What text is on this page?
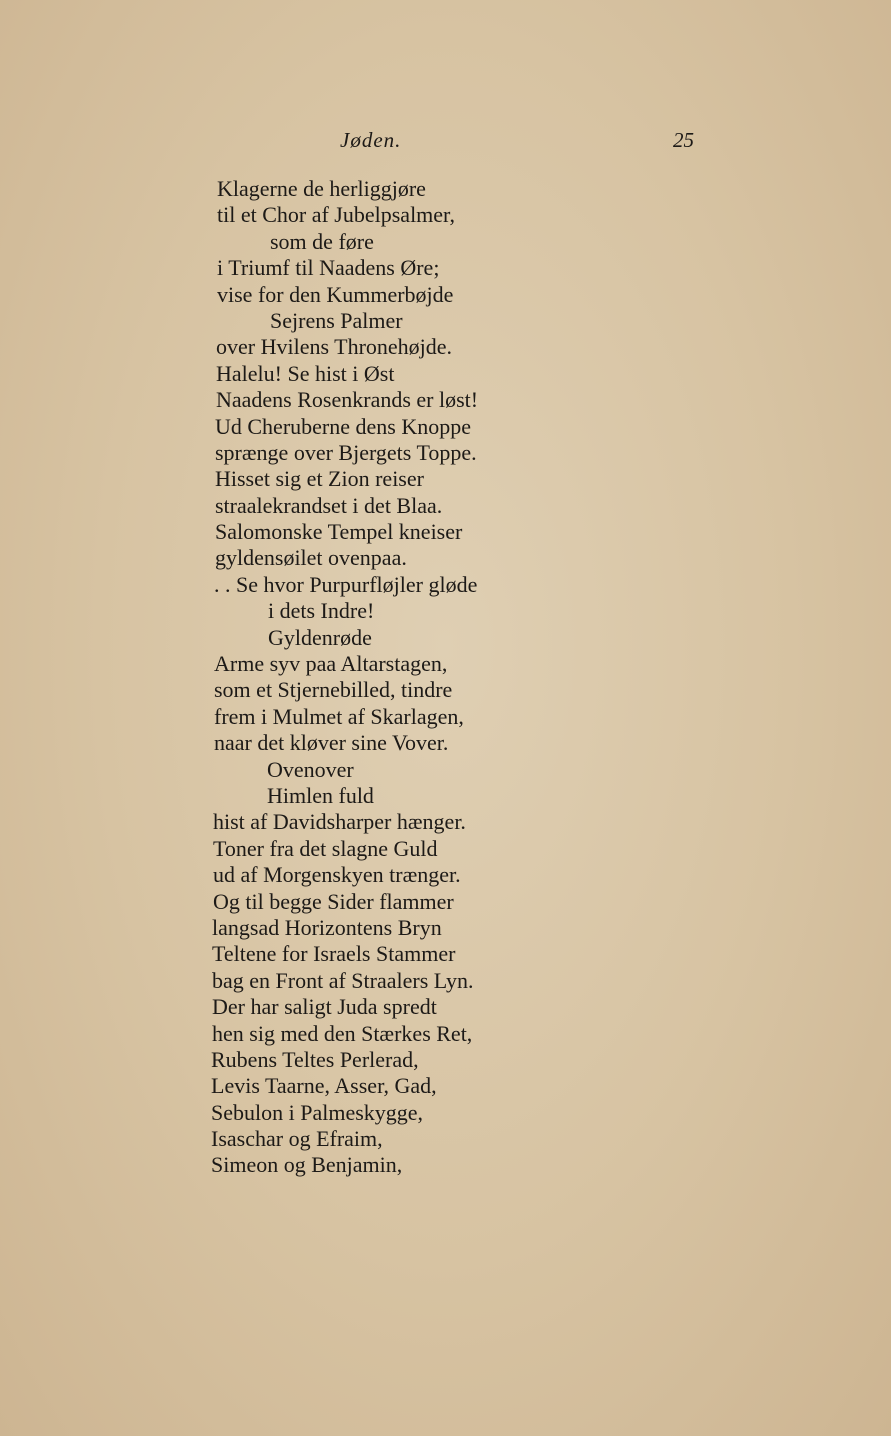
Jøden.	25
Klagerne de herliggjøre
til et Chor af Jubelpsalmer,
som de føre
i Triumf til Naadens Øre;
vise for den Kummerbøjde
Sejrens Palmer
over Hvilens Thronehøjde.
Halelu! Se hist i Øst
Naadens Rosenkrands er løst!
Ud Cheruberne dens Knoppe
sprænge over Bjergets Toppe.
Hisset sig et Zion reiser
straalekrandset i det Blaa.
Salomonske Tempel kneiser
gyldensøilet ovenpaa.
. . Se hvor Purpurfløjler gløde
i dets Indre!
Gyldenrøde
Arme syv paa Altarstagen,
som et Stjernebilled, tindre
frem i Mulmet af Skarlagen,
naar det kløver sine Vover.
Ovenover
Himlen fuld
hist af Davidsharper hænger.
Toner fra det slagne Guld
ud af Morgenskyen trænger.
Og til begge Sider flammer
langsad Horizontens Bryn
Teltene for Israels Stammer
bag en Front af Straalers Lyn.
Der har saligt Juda spredt
hen sig med den Stærkes Ret,
Rubens Teltes Perlerad,
Levis Taarne, Asser, Gad,
Sebulon i Palmeskygge,
Isaschar og Efraim,
Simeon og Benjamin,
